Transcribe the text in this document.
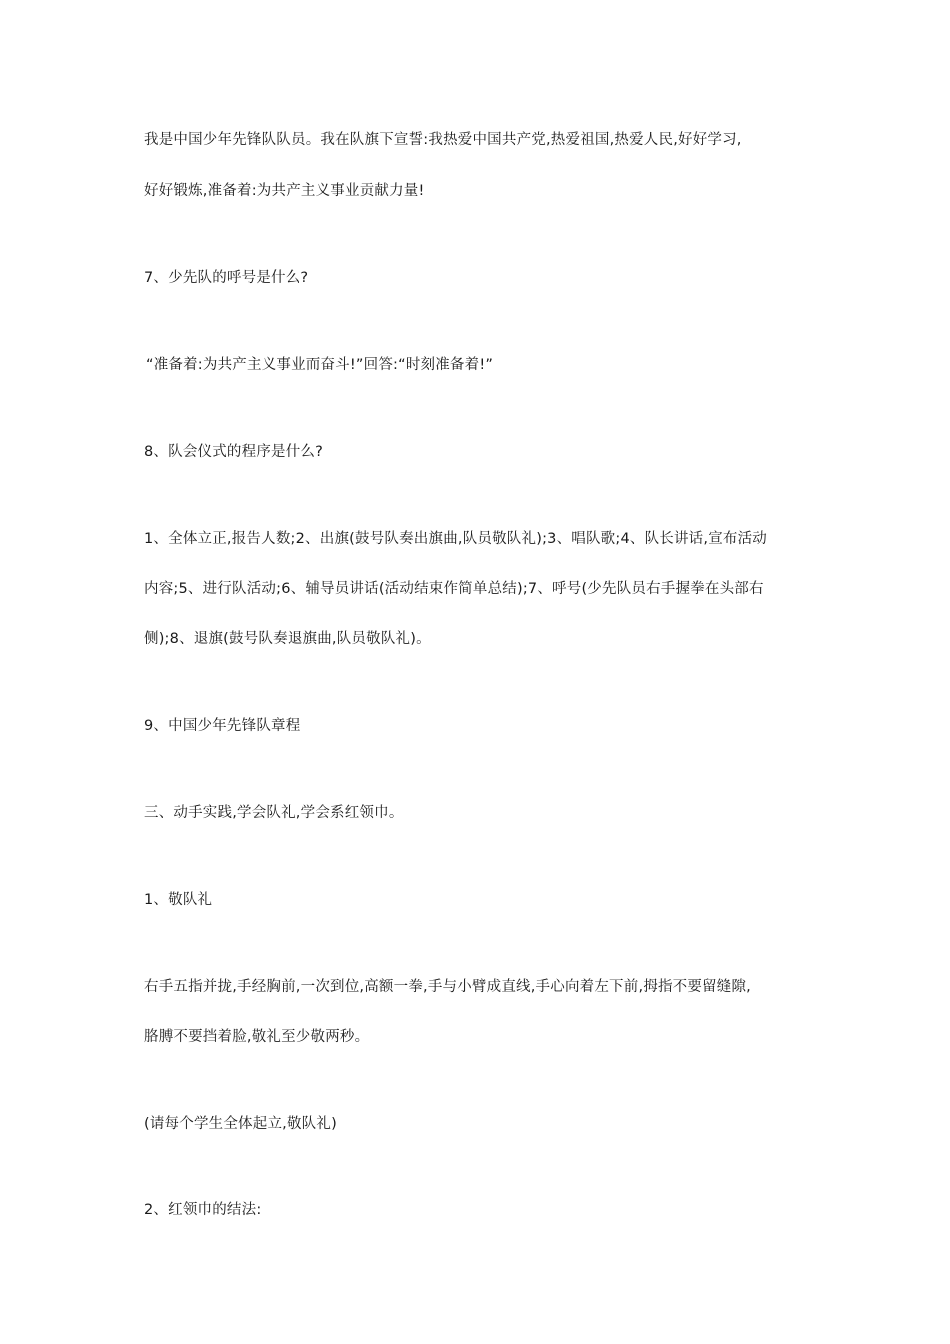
我是中国少年先锋队队员。我在队旗下宣誓:我热爱中国共产党,热爱祖国,热爱人民,好好学习,
好好锻炼,准备着:为共产主义事业贡献力量!
7、少先队的呼号是什么?
“准备着:为共产主义事业而奋斗!”回答:“时刻准备着!”
8、队会仪式的程序是什么?
1、全体立正,报告人数;2、出旗(鼓号队奏出旗曲,队员敬队礼);3、唱队歌;4、队长讲话,宣布活动
内容;5、进行队活动;6、辅导员讲话(活动结束作简单总结);7、呼号(少先队员右手握拳在头部右
侧);8、退旗(鼓号队奏退旗曲,队员敬队礼)。
9、中国少年先锋队章程
三、动手实践,学会队礼,学会系红领巾。
1、敬队礼
右手五指并拢,手经胸前,一次到位,高额一拳,手与小臂成直线,手心向着左下前,拇指不要留缝隙,
胳膊不要挡着脸,敬礼至少敬两秒。
(请每个学生全体起立,敬队礼)
2、红领巾的结法:
